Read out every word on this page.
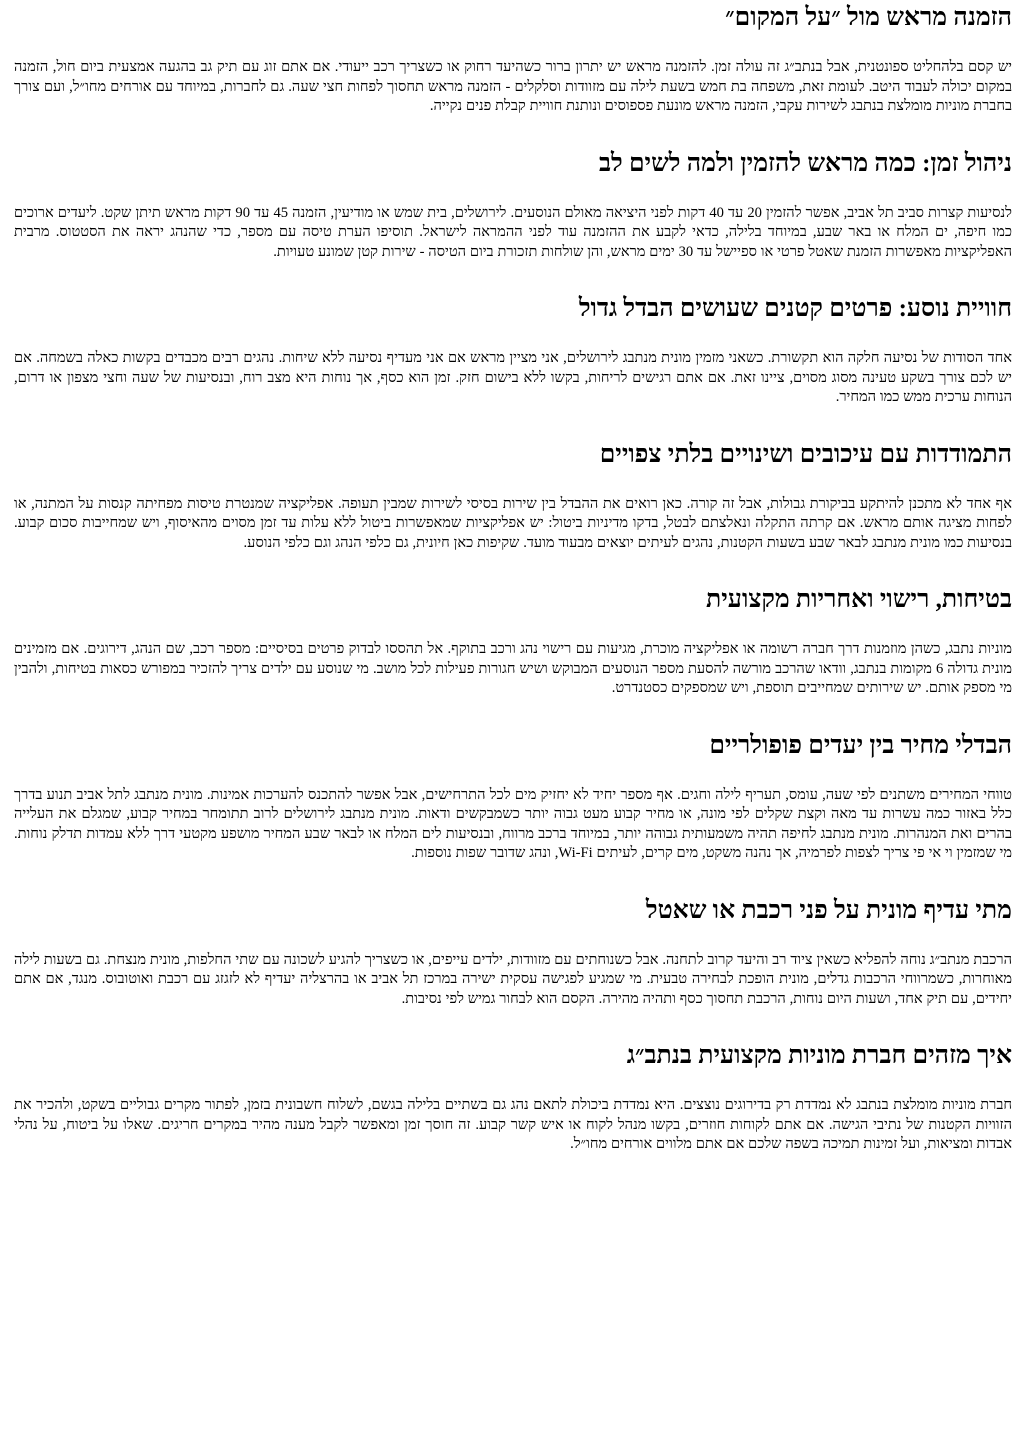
הזמנה מראש מול ״על המקום״

יש קסם בלהחליט ספונטנית, אבל בנתב״ג זה עולה זמן. להזמנה מראש יש יתרון ברור כשהיעד רחוק או כשצריך רכב ייעודי. אם אתם זוג עם תיק גב בהגעה אמצעית ביום חול, הזמנה במקום יכולה לעבוד היטב. לעומת זאת, משפחה בת חמש בשעת לילה עם מזוודות וסלקלים - הזמנה מראש תחסוך לפחות חצי שעה. גם לחברות, במיוחד עם אורחים מחו״ל, ועם צורך בחברת מוניות מומלצת בנתבג לשירות עקבי, הזמנה מראש מונעת פספוסים ונותנת חוויית קבלת פנים נקייה.

ניהול זמן: כמה מראש להזמין ולמה לשים לב

לנסיעות קצרות סביב תל אביב, אפשר להזמין 20 עד 40 דקות לפני היציאה מאולם הנוסעים. לירושלים, בית שמש או מודיעין, הזמנה 45 עד 90 דקות מראש תיתן שקט. ליעדים ארוכים כמו חיפה, ים המלח או באר שבע, במיוחד בלילה, כדאי לקבע את ההזמנה עוד לפני ההמראה לישראל. תוסיפו הערת טיסה עם מספר, כדי שהנהג יראה את הסטטוס. מרבית האפליקציות מאפשרות הזמנת שאטל פרטי או ספיישל עד 30 ימים מראש, והן שולחות תזכורת ביום הטיסה - שירות קטן שמונע טעויות.

חוויית נוסע: פרטים קטנים שעושים הבדל גדול

אחד הסודות של נסיעה חלקה הוא תקשורת. כשאני מזמין מונית מנתבג לירושלים, אני מציין מראש אם אני מעדיף נסיעה ללא שיחות. נהגים רבים מכבדים בקשות כאלה בשמחה. אם יש לכם צורך בשקע טעינה מסוג מסוים, ציינו זאת. אם אתם רגישים לריחות, בקשו ללא בישום חזק. זמן הוא כסף, אך נוחות היא מצב רוח, ובנסיעות של שעה וחצי מצפון או דרום, הנוחות ערכית ממש כמו המחיר.

התמודדות עם עיכובים ושינויים בלתי צפויים

אף אחד לא מתכנן להיתקע בביקורת גבולות, אבל זה קורה. כאן רואים את ההבדל בין שירות בסיסי לשירות שמבין תעופה. אפליקציה שמנטרת טיסות מפחיתה קנסות על המתנה, או לפחות מציגה אותם מראש. אם קרתה התקלה ונאלצתם לבטל, בדקו מדיניות ביטול: יש אפליקציות שמאפשרות ביטול ללא עלות עד זמן מסוים מהאיסוף, ויש שמחייבות סכום קבוע. בנסיעות כמו מונית מנתבג לבאר שבע בשעות הקטנות, נהגים לעיתים יוצאים מבעוד מועד. שקיפות כאן חיונית, גם כלפי הנהג וגם כלפי הנוסע.

בטיחות, רישוי ואחריות מקצועית

מוניות נתבג, כשהן מוזמנות דרך חברה רשומה או אפליקציה מוכרת, מגיעות עם רישוי נהג ורכב בתוקף. אל תהססו לבדוק פרטים בסיסיים: מספר רכב, שם הנהג, דירוגים. אם מזמינים מונית גדולה 6 מקומות בנתבג, וודאו שהרכב מורשה להסעת מספר הנוסעים המבוקש ושיש חגורות פעילות לכל מושב. מי שנוסע עם ילדים צריך להזכיר במפורש כסאות בטיחות, ולהבין מי מספק אותם. יש שירותים שמחייבים תוספת, ויש שמספקים כסטנדרט.

הבדלי מחיר בין יעדים פופולריים

טווחי המחירים משתנים לפי שעה, עומס, תעריף לילה וחגים. אף מספר יחיד לא יחזיק מים לכל התרחישים, אבל אפשר להתכנס להערכות אמינות. מונית מנתבג לתל אביב תנוע בדרך כלל באזור כמה עשרות עד מאה וקצת שקלים לפי מונה, או מחיר קבוע מעט גבוה יותר כשמבקשים ודאות. מונית מנתבג לירושלים לרוב תתומחר במחיר קבוע, שמגלם את העלייה בהרים ואת המנהרות. מונית מנתבג לחיפה תהיה משמעותית גבוהה יותר, במיוחד ברכב מרווח, ובנסיעות לים המלח או לבאר שבע המחיר מושפע מקטעי דרך ללא עמדות תדלק נוחות. מי שמזמין וי אי פי צריך לצפות לפרמיה, אך נהנה משקט, מים קרים, לעיתים Wi-Fi, ונהג שדובר שפות נוספות.

מתי עדיף מונית על פני רכבת או שאטל

הרכבת מנתב״ג נוחה להפליא כשאין ציוד רב והיעד קרוב לתחנה. אבל כשנוחתים עם מזוודות, ילדים עייפים, או כשצריך להגיע לשכונה עם שתי החלפות, מונית מנצחת. גם בשעות לילה מאוחרות, כשמרווחי הרכבות גדלים, מונית הופכת לבחירה טבעית. מי שמגיע לפגישה עסקית ישירה במרכז תל אביב או בהרצליה יעדיף לא לזגזג עם רכבת ואוטובוס. מנגד, אם אתם יחידים, עם תיק אחד, ושעות היום נוחות, הרכבת תחסוך כסף ותהיה מהירה. הקסם הוא לבחור גמיש לפי נסיבות.

איך מזהים חברת מוניות מקצועית בנתב״ג

חברת מוניות מומלצת בנתבג לא נמדדת רק בדירוגים נוצצים. היא נמדדת ביכולת לתאם נהג גם בשתיים בלילה בגשם, לשלוח חשבונית בזמן, לפתור מקרים גבוליים בשקט, ולהכיר את הזוויות הקטנות של נתיבי הגישה. אם אתם לקוחות חוזרים, בקשו מנהל לקוח או איש קשר קבוע. זה חוסך זמן ומאפשר לקבל מענה מהיר במקרים חריגים. שאלו על ביטוח, על נהלי אבדות ומציאות, ועל זמינות תמיכה בשפה שלכם אם אתם מלווים אורחים מחו״ל.
